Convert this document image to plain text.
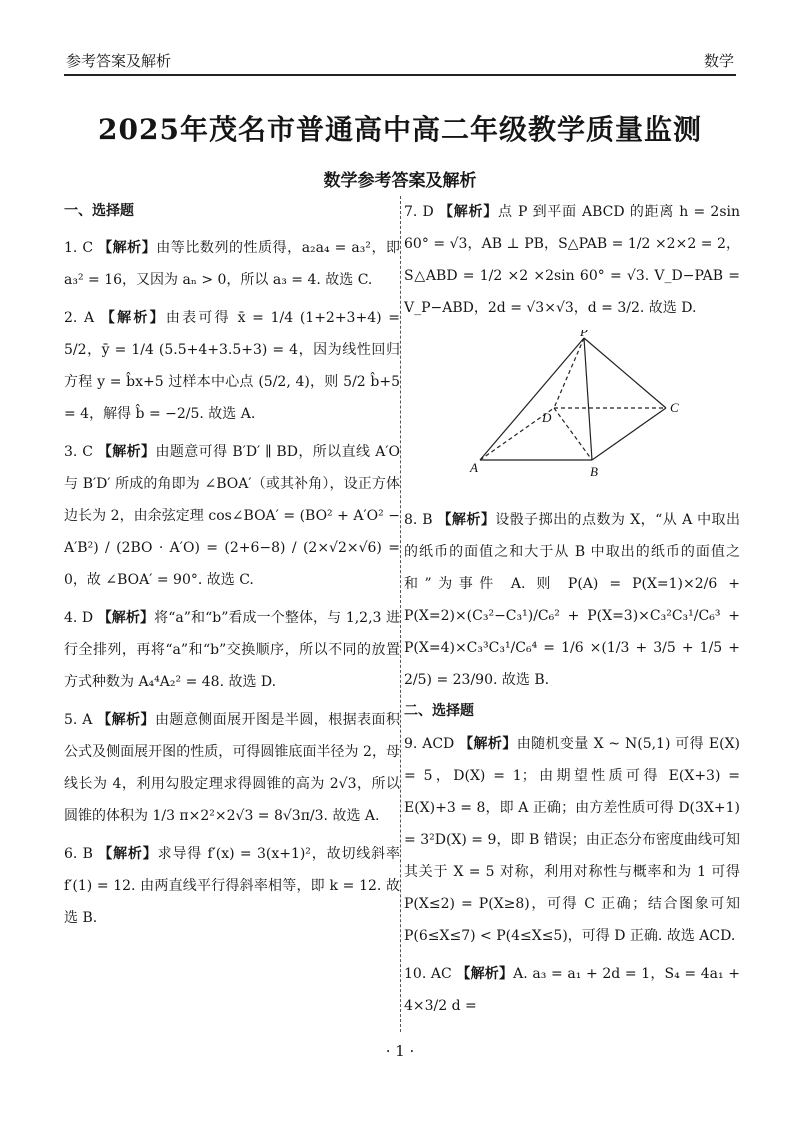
参考答案及解析	数学
2025年茂名市普通高中高二年级教学质量监测
数学参考答案及解析
一、选择题
1. C 【解析】由等比数列的性质得，a₂a₄ = a₃²，即 a₃² = 16，又因为 aₙ > 0，所以 a₃ = 4. 故选 C.
2. A 【解析】由表可得 x̄ = 1/4 (1+2+3+4) = 5/2，ȳ = 1/4 (5.5+4+3.5+3) = 4，因为线性回归方程 y = b̂x+5 过样本中心点 (5/2, 4)，则 5/2 b̂+5 = 4，解得 b̂ = −2/5. 故选 A.
3. C 【解析】由题意可得 B′D′ ∥ BD，所以直线 A′O 与 B′D′ 所成的角即为 ∠BOA′（或其补角），设正方体边长为 2，由余弦定理 cos∠BOA′ = (BO² + A′O² − A′B²) / (2BO · A′O) = (2+6−8) / (2×√2×√6) = 0，故 ∠BOA′ = 90°. 故选 C.
4. D 【解析】将“a”和“b”看成一个整体，与 1,2,3 进行全排列，再将“a”和“b”交换顺序，所以不同的放置方式种数为 A₄⁴A₂² = 48. 故选 D.
5. A 【解析】由题意侧面展开图是半圆，根据表面积公式及侧面展开图的性质，可得圆锥底面半径为 2，母线长为 4，利用勾股定理求得圆锥的高为 2√3，所以圆锥的体积为 1/3 π×2²×2√3 = 8√3π/3. 故选 A.
6. B 【解析】求导得 f′(x) = 3(x+1)²，故切线斜率 f′(1) = 12. 由两直线平行得斜率相等，即 k = 12. 故选 B.
7. D 【解析】点 P 到平面 ABCD 的距离 h = 2sin 60° = √3，AB ⊥ PB，S△PAB = 1/2 ×2×2 = 2，S△ABD = 1/2 ×2 ×2sin 60° = √3. V_D−PAB = V_P−ABD，2d = √3×√3，d = 3/2. 故选 D.
P
A	B
C
D
8. B 【解析】设骰子掷出的点数为 X，“从 A 中取出的纸币的面值之和大于从 B 中取出的纸币的面值之和”为事件 A. 则 P(A) = P(X=1)×2/6 + P(X=2)×(C₃²−C₃¹)/C₆² + P(X=3)×C₃²C₃¹/C₆³ + P(X=4)×C₃³C₃¹/C₆⁴ = 1/6 ×(1/3 + 3/5 + 1/5 + 2/5) = 23/90. 故选 B.
二、选择题
9. ACD 【解析】由随机变量 X ~ N(5,1) 可得 E(X) = 5，D(X) = 1；由期望性质可得 E(X+3) = E(X)+3 = 8，即 A 正确；由方差性质可得 D(3X+1) = 3²D(X) = 9，即 B 错误；由正态分布密度曲线可知其关于 X = 5 对称，利用对称性与概率和为 1 可得 P(X≤2) = P(X≥8)，可得 C 正确；结合图象可知 P(6≤X≤7) < P(4≤X≤5)，可得 D 正确. 故选 ACD.
10. AC 【解析】A. a₃ = a₁ + 2d = 1，S₄ = 4a₁ + 4×3/2 d =
· 1 ·
